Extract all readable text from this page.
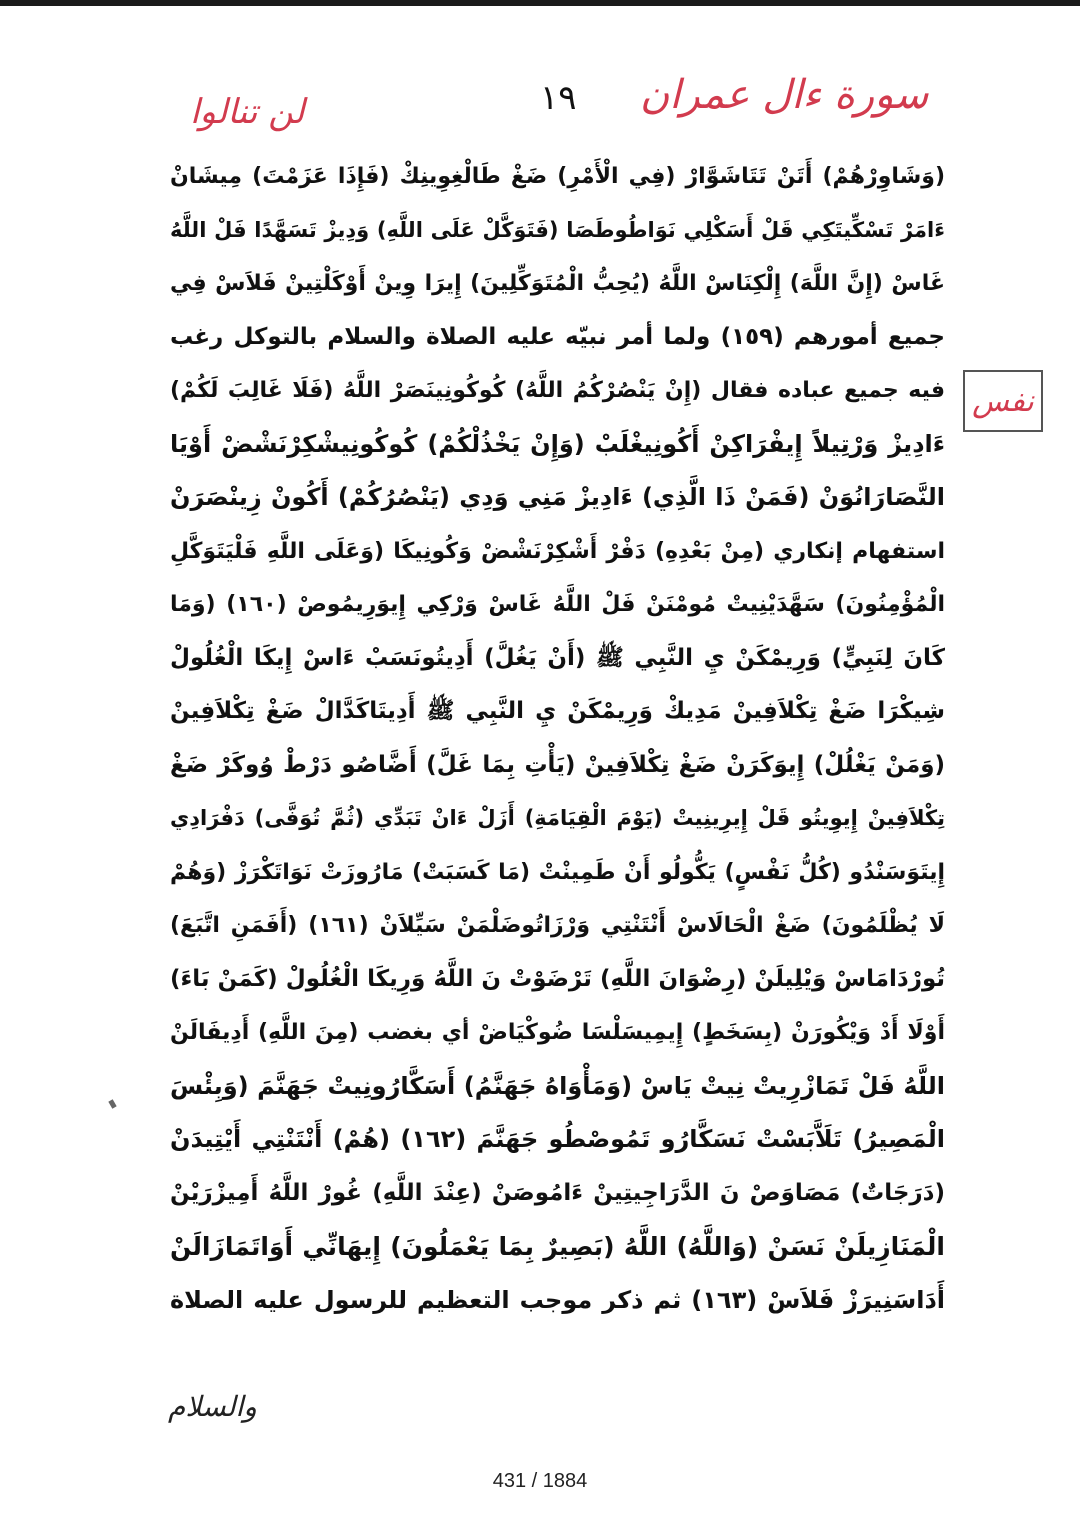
سورة ءال عمران
١٩
لن تنالوا
نفس
(وَشَاوِرْهُمْ) أَتَنْ تَتَاشَوَّارْ (فِي الْأَمْرِ) ضَغْ طَالْغِوِينِكْ (فَإِذَا عَزَمْتَ) مِيشَانْ
ءَامَرْ تَسْكِّيتَكِي قَلْ أَسَكْلِي نَوَاطُوطَصَا (فَتَوَكَّلْ عَلَى اللَّهِ) وَدِيزْ تَسَهَّدًا فَلْ اللَّهُ
غَاسْ (إِنَّ اللَّهَ) إِلْكِنَاسْ اللَّهُ (يُحِبُّ الْمُتَوَكِّلِينَ) إِيرَا وِينْ أَوْكَلْتِينْ فَلاَسْ فِي
جميع أمورهم (١٥٩) ولما أمر نبيّه عليه الصلاة والسلام بالتوكل رغب
فيه جميع عباده فقال (إِنْ يَنْصُرْكُمُ اللَّهُ) كُوكُونِينَصَرْ اللَّهُ (فَلَا غَالِبَ لَكُمْ)
ءَادِيزْ وَرْتِيلاً إِيفْرَاكِنْ أَكُونِيغْلَبْ (وَإِنْ يَخْذُلْكُمْ) كُوكُونِيشْكِرْنَشْضْ أَوْيَا
النَّصَارَانُوَنْ (فَمَنْ ذَا الَّذِي) ءَادِيزْ مَنِي وَدِي (يَنْصُرُكُمْ) أَكُونْ زِينْصَرَنْ
استفهام إنكاري (مِنْ بَعْدِهِ) دَفْرْ أَشْكِرْنَشْضْ وَكُونِيكَا (وَعَلَى اللَّهِ فَلْيَتَوَكَّلِ
الْمُؤْمِنُونَ) سَهَّدَيْنِيتْ مُومْنَنْ فَلْ اللَّهُ غَاسْ وَرْكِي إِيوَرِيمُوصْ (١٦٠) (وَمَا
كَانَ لِنَبِيٍّ) وَرِيمْكَنْ يِ النَّبِي ﷺ (أَنْ يَغُلَّ) أَدِيتُونَسَبْ ءَاسْ إِيكَا الْغُلُولْ
شِيكْرَا ضَغْ تِكْلاَفِينْ مَدِيكْ وَرِيمْكَنْ يِ النَّبِي ﷺ أَدِيتَاكَدَّالْ ضَغْ تِكْلاَفِينْ
(وَمَنْ يَغْلُلْ) إِيوَكَرَنْ ضَغْ تِكْلاَفِينْ (يَأْتِ بِمَا غَلَّ) أَضَّاصُو دَرْطْ وُوكَرْ ضَغْ
تِكْلاَفِينْ إِيوِيتُو قَلْ إِيرِينِيتْ (يَوْمَ الْقِيَامَةِ) أَزَلْ ءَانْ تَبَدِّي (ثُمَّ تُوَفَّى) دَفْرَادِي
إِيتَوَسَنْدُو (كُلُّ نَفْسٍ) يَكُّولُو أَنْ طَمِينْتْ (مَا كَسَبَتْ) مَارُوزَتْ نَوَاتَكْرَزْ (وَهُمْ
لَا يُظْلَمُونَ) ضَغْ الْحَالَاسْ أَنْتَنْتِي وَرْزَاتُوضَلْمَنْ سَيِّلاَنْ (١٦١) (أَفَمَنِ اتَّبَعَ)
تُورْدَامَاسْ وَيْلِيلَنْ (رِضْوَانَ اللَّهِ) تَرْضَوْتْ نَ اللَّهُ وَرِيكَا الْغُلُولْ (كَمَنْ بَاءَ)
أَوْلَا أَدْ وَيْكُورَنْ (بِسَخَطٍ) إِيمِيسَلْسَا ضُوكْيَاضْ أي بغضب (مِنَ اللَّهِ) أَدِيفَالَنْ
اللَّهُ فَلْ تَمَازْرِيتْ نِيتْ يَاسْ (وَمَأْوَاهُ جَهَنَّمُ) أَسَكَّارُونِيتْ جَهَنَّمَ (وَبِئْسَ
الْمَصِيرُ) تَلَاَّبَسْتْ نَسَكَّارُو تَمُوصْطُو جَهَنَّمَ (١٦٢) (هُمْ) أَنْتَنْتِي أَيْتِيدَنْ
(دَرَجَاتٌ) مَصَاوَصْ نَ الدَّرَاجِيتِينْ ءَامُوصَنْ (عِنْدَ اللَّهِ) غُورْ اللَّهُ أَمِيزْرَيْنْ
الْمَنَازِيلَنْ نَسَنْ (وَاللَّهُ) اللَّهُ (بَصِيرٌ بِمَا يَعْمَلُونَ) إِيهَانِّي أَوَاتَمَازَالَنْ
أَدَاسَنِيرَزْ فَلاَسْ (١٦٣) ثم ذكر موجب التعظيم للرسول عليه الصلاة
والسلام
431 / 1884
